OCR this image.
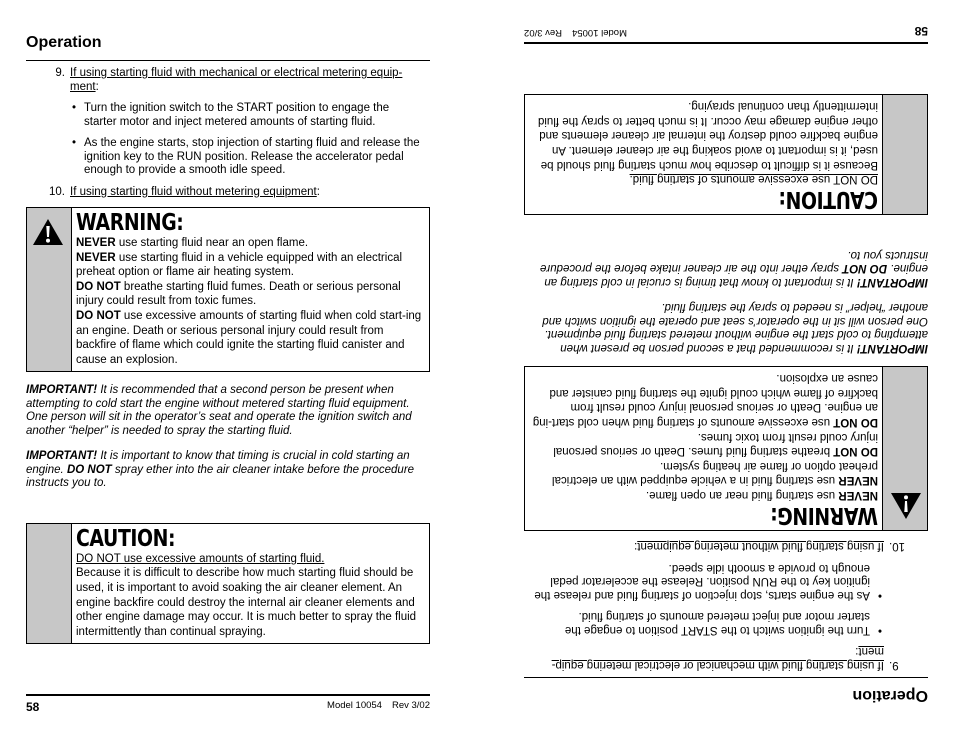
Operation
9. If using starting fluid with mechanical or electrical metering equip-ment:
• Turn the ignition switch to the START position to engage the starter motor and inject metered amounts of starting fluid.
• As the engine starts, stop injection of starting fluid and release the ignition key to the RUN position. Release the accelerator pedal enough to provide a smooth idle speed.
10. If using starting fluid without metering equipment:
WARNING:
NEVER use starting fluid near an open flame.
NEVER use starting fluid in a vehicle equipped with an electrical preheat option or flame air heating system.
DO NOT breathe starting fluid fumes. Death or serious personal injury could result from toxic fumes.
DO NOT use excessive amounts of starting fluid when cold start-ing an engine. Death or serious personal injury could result from backfire of flame which could ignite the starting fluid canister and cause an explosion.
IMPORTANT! It is recommended that a second person be present when attempting to cold start the engine without metered starting fluid equipment. One person will sit in the operator’s seat and operate the ignition switch and another “helper” is needed to spray the starting fluid.
IMPORTANT! It is important to know that timing is crucial in cold starting an engine. DO NOT spray ether into the air cleaner intake before the procedure instructs you to.
CAUTION:
DO NOT use excessive amounts of starting fluid.
Because it is difficult to describe how much starting fluid should be used, it is important to avoid soaking the air cleaner element. An engine backfire could destroy the internal air cleaner elements and other engine damage may occur. It is much better to spray the fluid intermittently than continual spraying.
58	Model 10054 Rev 3/02
Operation
9.
If using starting fluid with mechanical or electrical metering equip-ment:
• Turn the ignition switch to the START position to engage the starter motor and inject metered amounts of starting fluid.
• As the engine starts, stop injection of starting fluid and release the ignition key to the RUN position. Release the accelerator pedal enough to provide a smooth idle speed.
10.
If using starting fluid without metering equipment:
WARNING:
NEVER use starting fluid near an open flame.
NEVER use starting fluid in a vehicle equipped with an electrical preheat option or flame air heating system.
DO NOT breathe starting fluid fumes. Death or serious personal injury could result from toxic fumes.
DO NOT use excessive amounts of starting fluid when cold start-ing an engine. Death or serious personal injury could result from backfire of flame which could ignite the starting fluid canister and cause an explosion.
IMPORTANT! It is recommended that a second person be present when attempting to cold start the engine without metered starting fluid equipment. One person will sit in the operator’s seat and operate the ignition switch and another “helper” is needed to spray the starting fluid.
IMPORTANT! It is important to know that timing is crucial in cold starting an engine. DO NOT spray ether into the air cleaner intake before the procedure instructs you to.
CAUTION:
DO NOT use excessive amounts of starting fluid.
Because it is difficult to describe how much starting fluid should be used, it is important to avoid soaking the air cleaner element. An engine backfire could destroy the internal air cleaner elements and other engine damage may occur. It is much better to spray the fluid intermittently than continual spraying.
58
Model 10054Rev 3/02
